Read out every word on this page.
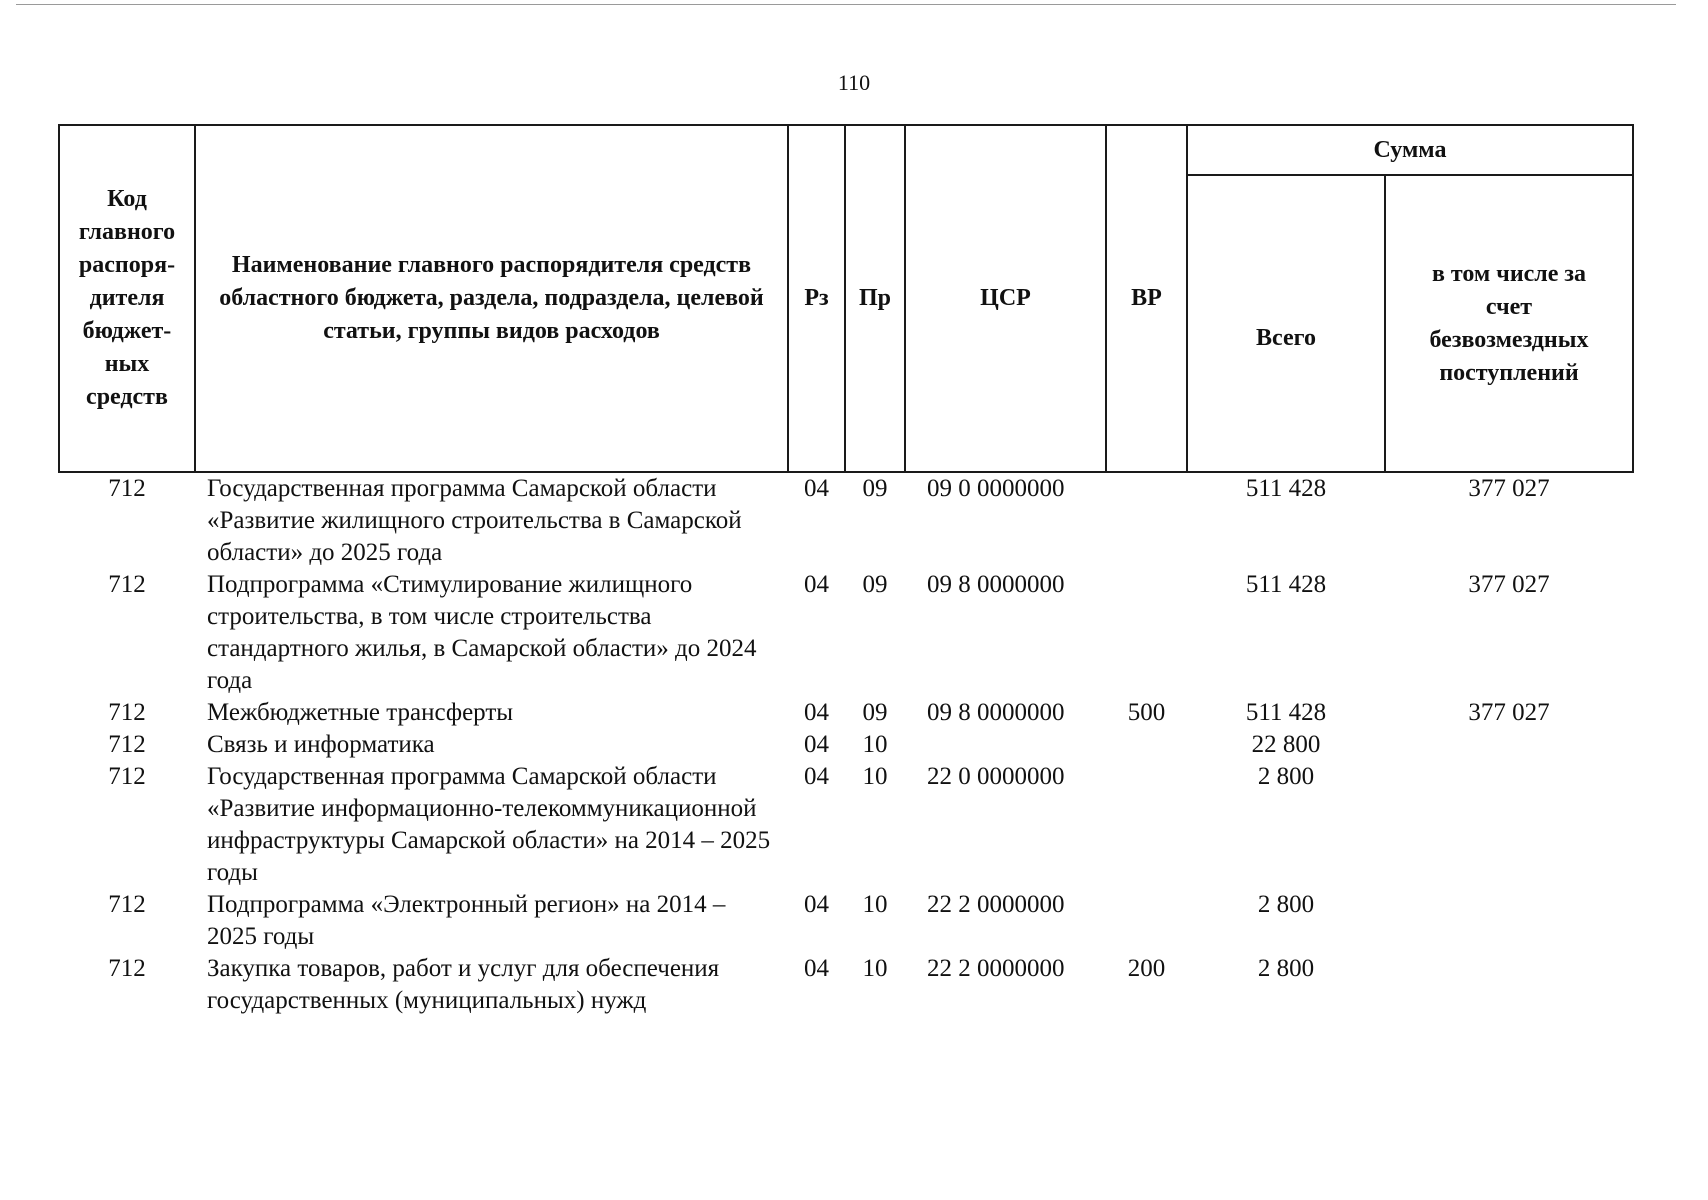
110
Код главного распоря-дителя бюджет-ных средств	Наименование главного распорядителя средств областного бюджета, раздела, подраздела, целевой статьи, группы видов расходов	Рз	Пр	ЦСР	ВР	Сумма	
						Всего	в том числе за счет безвозмездных поступлений
712	Государственная программа Самарской области «Развитие жилищного строительства в Самарской области» до 2025 года	04	09	09 0 0000000		511 428	377 027
712	Подпрограмма «Стимулирование жилищного строительства, в том числе строительства стандартного жилья, в Самарской области» до 2024 года	04	09	09 8 0000000		511 428	377 027
712	Межбюджетные трансферты	04	09	09 8 0000000	500	511 428	377 027
712	Связь и информатика	04	10			22 800	
712	Государственная программа Самарской области «Развитие информационно-телекоммуникационной инфраструктуры Самарской области» на 2014 – 2025 годы	04	10	22 0 0000000		2 800	
712	Подпрограмма «Электронный регион» на 2014 – 2025 годы	04	10	22 2 0000000		2 800	
712	Закупка товаров, работ и услуг для обеспечения государственных (муниципальных) нужд	04	10	22 2 0000000	200	2 800	
